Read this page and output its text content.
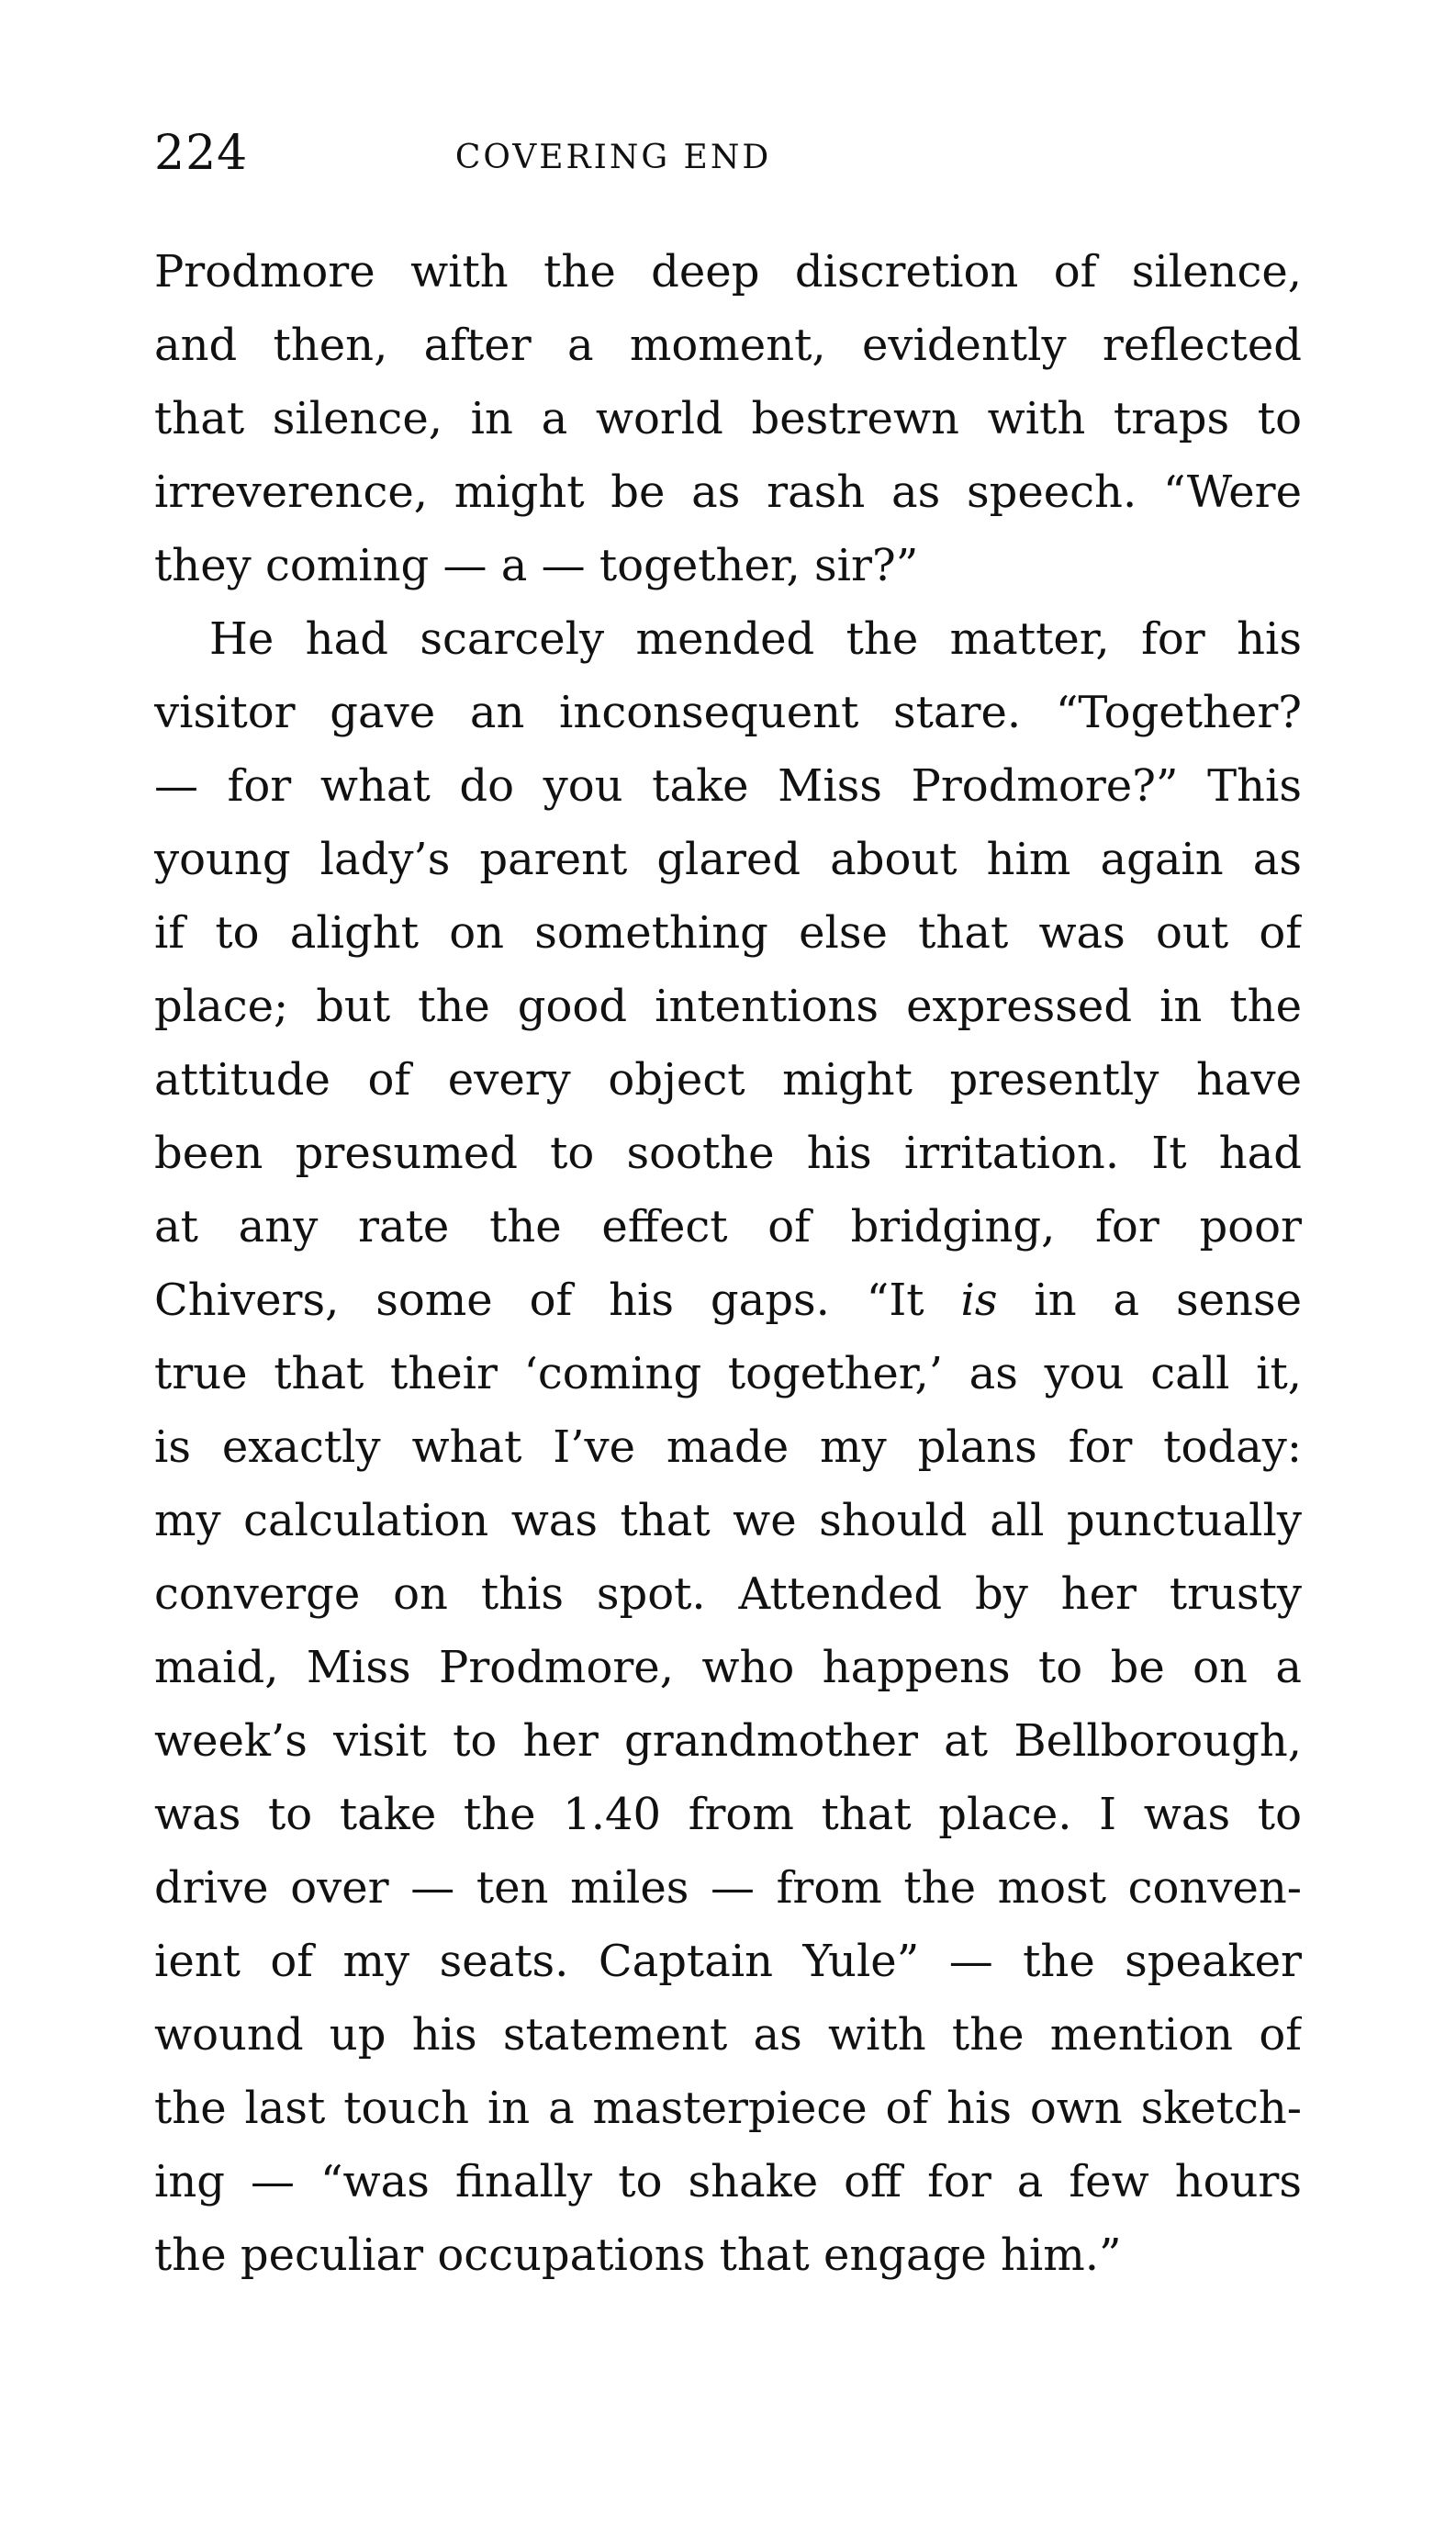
224	COVERING END
Prodmore with the deep discretion of silence,
and then, after a moment, evidently reflected
that silence, in a world bestrewn with traps to
irreverence, might be as rash as speech. “Were
they coming — a — together, sir?”
He had scarcely mended the matter, for his
visitor gave an inconsequent stare. “Together?
— for what do you take Miss Prodmore?” This
young lady’s parent glared about him again as
if to alight on something else that was out of
place; but the good intentions expressed in the
attitude of every object might presently have
been presumed to soothe his irritation. It had
at any rate the effect of bridging, for poor
Chivers, some of his gaps. “It is in a sense
true that their ‘coming together,’ as you call it,
is exactly what I’ve made my plans for today:
my calculation was that we should all punctually
converge on this spot. Attended by her trusty
maid, Miss Prodmore, who happens to be on a
week’s visit to her grandmother at Bellborough,
was to take the 1.40 from that place. I was to
drive over — ten miles — from the most conven-
ient of my seats. Captain Yule” — the speaker
wound up his statement as with the mention of
the last touch in a masterpiece of his own sketch-
ing — “was finally to shake off for a few hours
the peculiar occupations that engage him.”
